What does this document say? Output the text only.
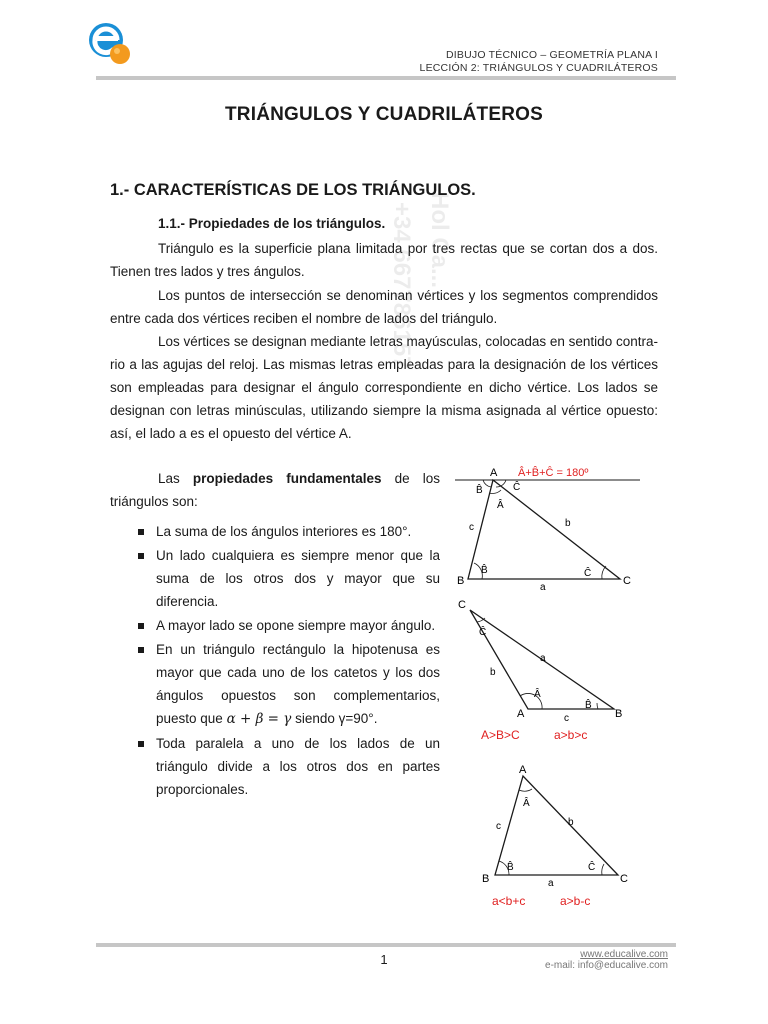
DIBUJO TÉCNICO – GEOMETRÍA PLANA I
LECCIÓN 2: TRIÁNGULOS Y CUADRILÁTEROS
+34 667786157 Hol Ca...
TRIÁNGULOS Y CUADRILÁTEROS
1.- CARACTERÍSTICAS DE LOS TRIÁNGULOS.
1.1.- Propiedades de los triángulos.

Triángulo es la superficie plana limitada por tres rectas que se cortan dos a dos. Tienen tres lados y tres ángulos.

Los puntos de intersección se denominan vértices y los segmentos comprendidos entre cada dos vértices reciben el nombre de lados del triángulo.

Los vértices se designan mediante letras mayúsculas, colocadas en sentido contra- rio a las agujas del reloj. Las mismas letras empleadas para la designación de los vértices son empleadas para designar el ángulo correspondiente en dicho vértice. Los lados se designan con letras minúsculas, utilizando siempre la misma asignada al vértice opuesto: así, el lado a es el opuesto del vértice A.

Las propiedades fundamentales de los triángulos son:

La suma de los ángulos interiores es 180°.
Un lado cualquiera es siempre menor que la suma de los otros dos y mayor que su diferencia.
A mayor lado se opone siempre mayor ángulo.
En un triángulo rectángulo la hipotenusa es mayor que cada uno de los catetos y los dos ángulos opuestos son complementarios, puesto que α + β = γ siendo γ=90°.
Toda paralela a uno de los lados de un triángulo divide a los otros dos en partes proporcionales.
A Â+B̂+Ĉ = 180º
B̂	Ĉ
Â
c	b
B̂	Ĉ
B	C
a
C
Ĉ
a
b
Â
B̂
A	B
c
A>B>C	a>b>c
A
Â
c	b
B̂	Ĉ
B	C
a
a<b+c	a>b-c
1	www.educalive.com
e-mail: info@educalive.com
